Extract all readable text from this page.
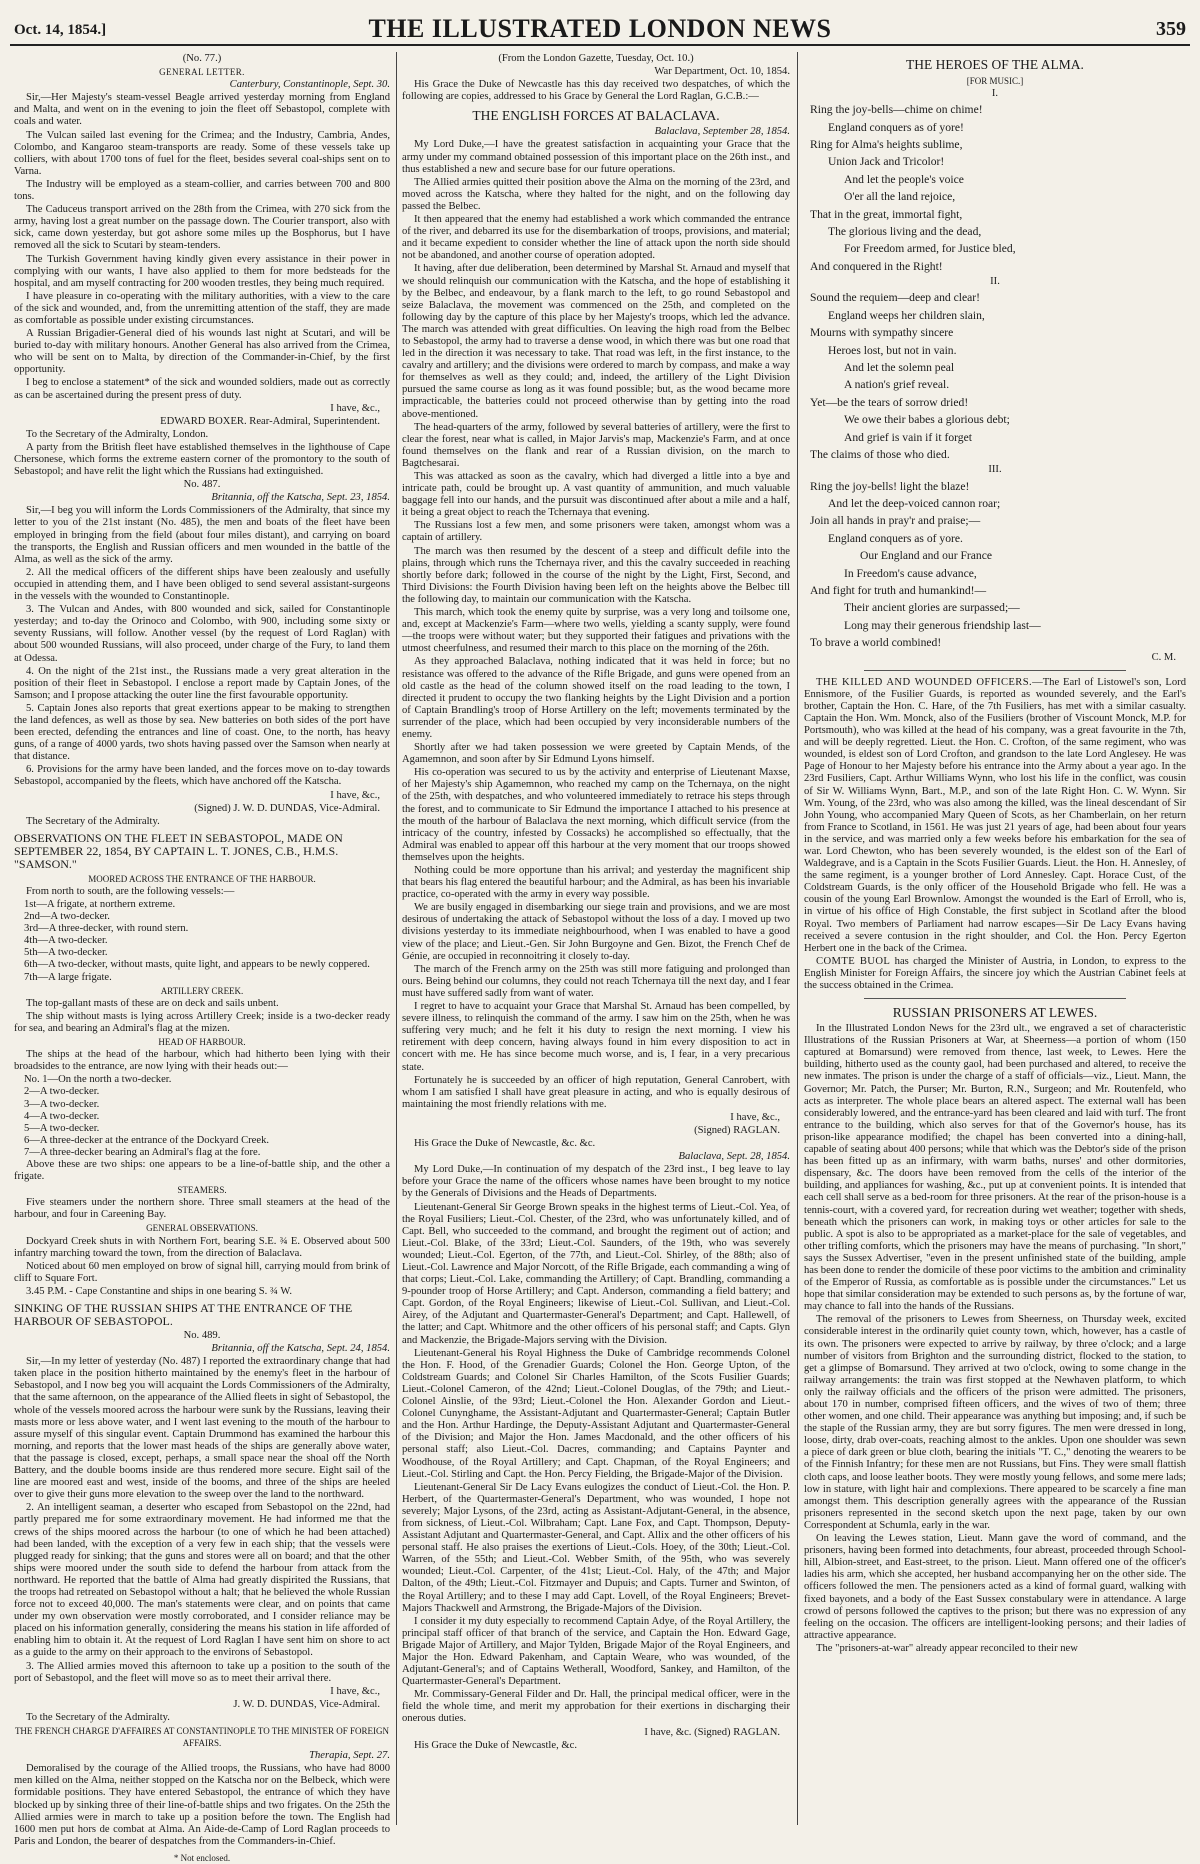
Oct. 14, 1854.]	THE ILLUSTRATED LONDON NEWS	359

(No. 77.)

GENERAL LETTER.

Canterbury, Constantinople, Sept. 30.

Sir,—Her Majesty's steam-vessel Beagle arrived yesterday morning from England and Malta, and went on in the evening to join the fleet off Sebastopol, complete with coals and water.

The Vulcan sailed last evening for the Crimea; and the Industry, Cambria, Andes, Colombo, and Kangaroo steam-transports are ready. Some of these vessels take up colliers, with about 1700 tons of fuel for the fleet, besides several coal-ships sent on to Varna.

The Industry will be employed as a steam-collier, and carries between 700 and 800 tons.

The Caduceus transport arrived on the 28th from the Crimea, with 270 sick from the army, having lost a great number on the passage down. The Courier transport, also with sick, came down yesterday, but got ashore some miles up the Bosphorus, but I have removed all the sick to Scutari by steam-tenders.

The Turkish Government having kindly given every assistance in their power in complying with our wants, I have also applied to them for more bedsteads for the hospital, and am myself contracting for 200 wooden trestles, they being much required.

I have pleasure in co-operating with the military authorities, with a view to the care of the sick and wounded, and, from the unremitting attention of the staff, they are made as comfortable as possible under existing circumstances.

A Russian Brigadier-General died of his wounds last night at Scutari, and will be buried to-day with military honours. Another General has also arrived from the Crimea, who will be sent on to Malta, by direction of the Commander-in-Chief, by the first opportunity.

I beg to enclose a statement* of the sick and wounded soldiers, made out as correctly as can be ascertained during the present press of duty.

I have, &c.,

EDWARD BOXER. Rear-Admiral, Superintendent.

To the Secretary of the Admiralty, London.

A party from the British fleet have established themselves in the lighthouse of Cape Chersonese, which forms the extreme eastern corner of the promontory to the south of Sebastopol; and have relit the light which the Russians had extinguished.

No. 487.

Britannia, off the Katscha, Sept. 23, 1854.

Sir,—I beg you will inform the Lords Commissioners of the Admiralty, that since my letter to you of the 21st instant (No. 485), the men and boats of the fleet have been employed in bringing from the field (about four miles distant), and carrying on board the transports, the English and Russian officers and men wounded in the battle of the Alma, as well as the sick of the army.

2. All the medical officers of the different ships have been zealously and usefully occupied in attending them, and I have been obliged to send several assistant-surgeons in the vessels with the wounded to Constantinople.

3. The Vulcan and Andes, with 800 wounded and sick, sailed for Constantinople yesterday; and to-day the Orinoco and Colombo, with 900, including some sixty or seventy Russians, will follow. Another vessel (by the request of Lord Raglan) with about 500 wounded Russians, will also proceed, under charge of the Fury, to land them at Odessa.

4. On the night of the 21st inst., the Russians made a very great alteration in the position of their fleet in Sebastopol. I enclose a report made by Captain Jones, of the Samson; and I propose attacking the outer line the first favourable opportunity.

5. Captain Jones also reports that great exertions appear to be making to strengthen the land defences, as well as those by sea. New batteries on both sides of the port have been erected, defending the entrances and line of coast. One, to the north, has heavy guns, of a range of 4000 yards, two shots having passed over the Samson when nearly at that distance.

6. Provisions for the army have been landed, and the forces move on to-day towards Sebastopol, accompanied by the fleets, which have anchored off the Katscha.

I have, &c.,

(Signed) J. W. D. DUNDAS, Vice-Admiral.

The Secretary of the Admiralty.

OBSERVATIONS ON THE FLEET IN SEBASTOPOL, MADE ON SEPTEMBER 22, 1854, BY CAPTAIN L. T. JONES, C.B., H.M.S. "SAMSON."

MOORED ACROSS THE ENTRANCE OF THE HARBOUR.

From north to south, are the following vessels:—

1st—A frigate, at northern extreme.
2nd—A two-decker.
3rd—A three-decker, with round stern.
4th—A two-decker.
5th—A two-decker.
6th—A two-decker, without masts, quite light, and appears to be newly coppered.
7th—A large frigate.

ARTILLERY CREEK.

The top-gallant masts of these are on deck and sails unbent.

The ship without masts is lying across Artillery Creek; inside is a two-decker ready for sea, and bearing an Admiral's flag at the mizen.

HEAD OF HARBOUR.

The ships at the head of the harbour, which had hitherto been lying with their broadsides to the entrance, are now lying with their heads out:—

No. 1—On the north a two-decker.
2—A two-decker.
3—A two-decker.
4—A two-decker.
5—A two-decker.
6—A three-decker at the entrance of the Dockyard Creek.
7—A three-decker bearing an Admiral's flag at the fore.

Above these are two ships: one appears to be a line-of-battle ship, and the other a frigate.

STEAMERS.

Five steamers under the northern shore. Three small steamers at the head of the harbour, and four in Careening Bay.

GENERAL OBSERVATIONS.

Dockyard Creek shuts in with Northern Fort, bearing S.E. ¾ E. Observed about 500 infantry marching toward the town, from the direction of Balaclava.

Noticed about 60 men employed on brow of signal hill, carrying mould from brink of cliff to Square Fort.

3.45 P.M. - Cape Constantine and ships in one bearing S. ¾ W.

SINKING OF THE RUSSIAN SHIPS AT THE ENTRANCE OF THE HARBOUR OF SEBASTOPOL.

No. 489.

Britannia, off the Katscha, Sept. 24, 1854.

Sir,—In my letter of yesterday (No. 487) I reported the extraordinary change that had taken place in the position hitherto maintained by the enemy's fleet in the harbour of Sebastopol, and I now beg you will acquaint the Lords Commissioners of the Admiralty, that the same afternoon, on the appearance of the Allied fleets in sight of Sebastopol, the whole of the vessels moored across the harbour were sunk by the Russians, leaving their masts more or less above water, and I went last evening to the mouth of the harbour to assure myself of this singular event. Captain Drummond has examined the harbour this morning, and reports that the lower mast heads of the ships are generally above water, that the passage is closed, except, perhaps, a small space near the shoal off the North Battery, and the double booms inside are thus rendered more secure. Eight sail of the line are moored east and west, inside of the booms, and three of the ships are heeled over to give their guns more elevation to the sweep over the land to the northward.

2. An intelligent seaman, a deserter who escaped from Sebastopol on the 22nd, had partly prepared me for some extraordinary movement. He had informed me that the crews of the ships moored across the harbour (to one of which he had been attached) had been landed, with the exception of a very few in each ship; that the vessels were plugged ready for sinking; that the guns and stores were all on board; and that the other ships were moored under the south side to defend the harbour from attack from the northward. He reported that the battle of Alma had greatly dispirited the Russians, that the troops had retreated on Sebastopol without a halt; that he believed the whole Russian force not to exceed 40,000. The man's statements were clear, and on points that came under my own observation were mostly corroborated, and I consider reliance may be placed on his information generally, considering the means his station in life afforded of enabling him to obtain it. At the request of Lord Raglan I have sent him on shore to act as a guide to the army on their approach to the environs of Sebastopol.

3. The Allied armies moved this afternoon to take up a position to the south of the port of Sebastopol, and the fleet will move so as to meet their arrival there.

I have, &c.,

J. W. D. DUNDAS, Vice-Admiral.

To the Secretary of the Admiralty.

THE FRENCH CHARGE D'AFFAIRES AT CONSTANTINOPLE TO THE MINISTER OF FOREIGN AFFAIRS.

Therapia, Sept. 27.

Demoralised by the courage of the Allied troops, the Russians, who have had 8000 men killed on the Alma, neither stopped on the Katscha nor on the Belbeck, which were formidable positions. They have entered Sebastopol, the entrance of which they have blocked up by sinking three of their line-of-battle ships and two frigates. On the 25th the Allied armies were in march to take up a position before the town. The English had 1600 men put hors de combat at Alma. An Aide-de-Camp of Lord Raglan proceeds to Paris and London, the bearer of despatches from the Commanders-in-Chief.

* Not enclosed.

(From the London Gazette, Tuesday, Oct. 10.)

War Department, Oct. 10, 1854.

His Grace the Duke of Newcastle has this day received two despatches, of which the following are copies, addressed to his Grace by General the Lord Raglan, G.C.B.:—

THE ENGLISH FORCES AT BALACLAVA.

Balaclava, September 28, 1854.

My Lord Duke,—I have the greatest satisfaction in acquainting your Grace that the army under my command obtained possession of this important place on the 26th inst., and thus established a new and secure base for our future operations.

The Allied armies quitted their position above the Alma on the morning of the 23rd, and moved across the Katscha, where they halted for the night, and on the following day passed the Belbec.

It then appeared that the enemy had established a work which commanded the entrance of the river, and debarred its use for the disembarkation of troops, provisions, and material; and it became expedient to consider whether the line of attack upon the north side should not be abandoned, and another course of operation adopted.

It having, after due deliberation, been determined by Marshal St. Arnaud and myself that we should relinquish our communication with the Katscha, and the hope of establishing it by the Belbec, and endeavour, by a flank march to the left, to go round Sebastopol and seize Balaclava, the movement was commenced on the 25th, and completed on the following day by the capture of this place by her Majesty's troops, which led the advance. The march was attended with great difficulties. On leaving the high road from the Belbec to Sebastopol, the army had to traverse a dense wood, in which there was but one road that led in the direction it was necessary to take. That road was left, in the first instance, to the cavalry and artillery; and the divisions were ordered to march by compass, and make a way for themselves as well as they could; and, indeed, the artillery of the Light Division pursued the same course as long as it was found possible; but, as the wood became more impracticable, the batteries could not proceed otherwise than by getting into the road above-mentioned.

The head-quarters of the army, followed by several batteries of artillery, were the first to clear the forest, near what is called, in Major Jarvis's map, Mackenzie's Farm, and at once found themselves on the flank and rear of a Russian division, on the march to Bagtchesarai.

This was attacked as soon as the cavalry, which had diverged a little into a bye and intricate path, could be brought up. A vast quantity of ammunition, and much valuable baggage fell into our hands, and the pursuit was discontinued after about a mile and a half, it being a great object to reach the Tchernaya that evening.

The Russians lost a few men, and some prisoners were taken, amongst whom was a captain of artillery.

The march was then resumed by the descent of a steep and difficult defile into the plains, through which runs the Tchernaya river, and this the cavalry succeeded in reaching shortly before dark; followed in the course of the night by the Light, First, Second, and Third Divisions: the Fourth Division having been left on the heights above the Belbec till the following day, to maintain our communication with the Katscha.

This march, which took the enemy quite by surprise, was a very long and toilsome one, and, except at Mackenzie's Farm—where two wells, yielding a scanty supply, were found—the troops were without water; but they supported their fatigues and privations with the utmost cheerfulness, and resumed their march to this place on the morning of the 26th.

As they approached Balaclava, nothing indicated that it was held in force; but no resistance was offered to the advance of the Rifle Brigade, and guns were opened from an old castle as the head of the column showed itself on the road leading to the town, I directed it prudent to occupy the two flanking heights by the Light Division and a portion of Captain Brandling's troop of Horse Artillery on the left; movements terminated by the surrender of the place, which had been occupied by very inconsiderable numbers of the enemy.

Shortly after we had taken possession we were greeted by Captain Mends, of the Agamemnon, and soon after by Sir Edmund Lyons himself.

His co-operation was secured to us by the activity and enterprise of Lieutenant Maxse, of her Majesty's ship Agamemnon, who reached my camp on the Tchernaya, on the night of the 25th, with despatches, and who volunteered immediately to retrace his steps through the forest, and to communicate to Sir Edmund the importance I attached to his presence at the mouth of the harbour of Balaclava the next morning, which difficult service (from the intricacy of the country, infested by Cossacks) he accomplished so effectually, that the Admiral was enabled to appear off this harbour at the very moment that our troops showed themselves upon the heights.

Nothing could be more opportune than his arrival; and yesterday the magnificent ship that bears his flag entered the beautiful harbour; and the Admiral, as has been his invariable practice, co-operated with the army in every way possible.

We are busily engaged in disembarking our siege train and provisions, and we are most desirous of undertaking the attack of Sebastopol without the loss of a day. I moved up two divisions yesterday to its immediate neighbourhood, when I was enabled to have a good view of the place; and Lieut.-Gen. Sir John Burgoyne and Gen. Bizot, the French Chef de Génie, are occupied in reconnoitring it closely to-day.

The march of the French army on the 25th was still more fatiguing and prolonged than ours. Being behind our columns, they could not reach Tchernaya till the next day, and I fear must have suffered sadly from want of water.

I regret to have to acquaint your Grace that Marshal St. Arnaud has been compelled, by severe illness, to relinquish the command of the army. I saw him on the 25th, when he was suffering very much; and he felt it his duty to resign the next morning. I view his retirement with deep concern, having always found in him every disposition to act in concert with me. He has since become much worse, and is, I fear, in a very precarious state.

Fortunately he is succeeded by an officer of high reputation, General Canrobert, with whom I am satisfied I shall have great pleasure in acting, and who is equally desirous of maintaining the most friendly relations with me.

I have, &c.,

(Signed) RAGLAN.

His Grace the Duke of Newcastle, &c. &c.

Balaclava, Sept. 28, 1854.

My Lord Duke,—In continuation of my despatch of the 23rd inst., I beg leave to lay before your Grace the name of the officers whose names have been brought to my notice by the Generals of Divisions and the Heads of Departments.

Lieutenant-General Sir George Brown speaks in the highest terms of Lieut.-Col. Yea, of the Royal Fusiliers; Lieut.-Col. Chester, of the 23rd, who was unfortunately killed, and of Capt. Bell, who succeeded to the command, and brought the regiment out of action; and Lieut.-Col. Blake, of the 33rd; Lieut.-Col. Saunders, of the 19th, who was severely wounded; Lieut.-Col. Egerton, of the 77th, and Lieut.-Col. Shirley, of the 88th; also of Lieut.-Col. Lawrence and Major Norcott, of the Rifle Brigade, each commanding a wing of that corps; Lieut.-Col. Lake, commanding the Artillery; of Capt. Brandling, commanding a 9-pounder troop of Horse Artillery; and Capt. Anderson, commanding a field battery; and Capt. Gordon, of the Royal Engineers; likewise of Lieut.-Col. Sullivan, and Lieut.-Col. Airey, of the Adjutant and Quartermaster-General's Department; and Capt. Hallewell, of the latter; and Capt. Whitmore and the other officers of his personal staff; and Capts. Glyn and Mackenzie, the Brigade-Majors serving with the Division.

Lieutenant-General his Royal Highness the Duke of Cambridge recommends Colonel the Hon. F. Hood, of the Grenadier Guards; Colonel the Hon. George Upton, of the Coldstream Guards; and Colonel Sir Charles Hamilton, of the Scots Fusilier Guards; Lieut.-Colonel Cameron, of the 42nd; Lieut.-Colonel Douglas, of the 79th; and Lieut.-Colonel Ainslie, of the 93rd; Lieut.-Colonel the Hon. Alexander Gordon and Lieut.-Colonel Cunynghame, the Assistant-Adjutant and Quartermaster-General; Captain Butler and the Hon. Arthur Hardinge, the Deputy-Assistant Adjutant and Quartermaster-General of the Division; and Major the Hon. James Macdonald, and the other officers of his personal staff; also Lieut.-Col. Dacres, commanding; and Captains Paynter and Woodhouse, of the Royal Artillery; and Capt. Chapman, of the Royal Engineers; and Lieut.-Col. Stirling and Capt. the Hon. Percy Fielding, the Brigade-Major of the Division.

Lieutenant-General Sir De Lacy Evans eulogizes the conduct of Lieut.-Col. the Hon. P. Herbert, of the Quartermaster-General's Department, who was wounded, I hope not severely; Major Lysons, of the 23rd, acting as Assistant-Adjutant-General, in the absence, from sickness, of Lieut.-Col. Wilbraham; Capt. Lane Fox, and Capt. Thompson, Deputy-Assistant Adjutant and Quartermaster-General, and Capt. Allix and the other officers of his personal staff. He also praises the exertions of Lieut.-Cols. Hoey, of the 30th; Lieut.-Col. Warren, of the 55th; and Lieut.-Col. Webber Smith, of the 95th, who was severely wounded; Lieut.-Col. Carpenter, of the 41st; Lieut.-Col. Haly, of the 47th; and Major Dalton, of the 49th; Lieut.-Col. Fitzmayer and Dupuis; and Capts. Turner and Swinton, of the Royal Artillery; and to these I may add Capt. Lovell, of the Royal Engineers; Brevet-Majors Thackwell and Armstrong, the Brigade-Majors of the Division.

I consider it my duty especially to recommend Captain Adye, of the Royal Artillery, the principal staff officer of that branch of the service, and Captain the Hon. Edward Gage, Brigade Major of Artillery, and Major Tylden, Brigade Major of the Royal Engineers, and Major the Hon. Edward Pakenham, and Captain Weare, who was wounded, of the Adjutant-General's; and of Captains Wetherall, Woodford, Sankey, and Hamilton, of the Quartermaster-General's Department.

Mr. Commissary-General Filder and Dr. Hall, the principal medical officer, were in the field the whole time, and merit my approbation for their exertions in discharging their onerous duties.

I have, &c. (Signed) RAGLAN.

His Grace the Duke of Newcastle, &c.

THE HEROES OF THE ALMA.

[FOR MUSIC.]

I.

Ring the joy-bells—chime on chime!
England conquers as of yore!
Ring for Alma's heights sublime,
Union Jack and Tricolor!
And let the people's voice
O'er all the land rejoice,
That in the great, immortal fight,
The glorious living and the dead,
For Freedom armed, for Justice bled,
And conquered in the Right!

II.

Sound the requiem—deep and clear!
England weeps her children slain,
Mourns with sympathy sincere
Heroes lost, but not in vain.
And let the solemn peal
A nation's grief reveal.
Yet—be the tears of sorrow dried!
We owe their babes a glorious debt;
And grief is vain if it forget
The claims of those who died.

III.

Ring the joy-bells! light the blaze!
And let the deep-voiced cannon roar;
Join all hands in pray'r and praise;—
England conquers as of yore.
Our England and our France
In Freedom's cause advance,
And fight for truth and humankind!—
Their ancient glories are surpassed;—
Long may their generous friendship last—
To brave a world combined!

C. M.

THE KILLED AND WOUNDED OFFICERS.—The Earl of Listowel's son, Lord Ennismore, of the Fusilier Guards, is reported as wounded severely, and the Earl's brother, Captain the Hon. C. Hare, of the 7th Fusiliers, has met with a similar casualty. Captain the Hon. Wm. Monck, also of the Fusiliers (brother of Viscount Monck, M.P. for Portsmouth), who was killed at the head of his company, was a great favourite in the 7th, and will be deeply regretted. Lieut. the Hon. C. Crofton, of the same regiment, who was wounded, is eldest son of Lord Crofton, and grandson to the late Lord Anglesey. He was Page of Honour to her Majesty before his entrance into the Army about a year ago. In the 23rd Fusiliers, Capt. Arthur Williams Wynn, who lost his life in the conflict, was cousin of Sir W. Williams Wynn, Bart., M.P., and son of the late Right Hon. C. W. Wynn. Sir Wm. Young, of the 23rd, who was also among the killed, was the lineal descendant of Sir John Young, who accompanied Mary Queen of Scots, as her Chamberlain, on her return from France to Scotland, in 1561. He was just 21 years of age, had been about four years in the service, and was married only a few weeks before his embarkation for the sea of war. Lord Chewton, who has been severely wounded, is the eldest son of the Earl of Waldegrave, and is a Captain in the Scots Fusilier Guards. Lieut. the Hon. H. Annesley, of the same regiment, is a younger brother of Lord Annesley. Capt. Horace Cust, of the Coldstream Guards, is the only officer of the Household Brigade who fell. He was a cousin of the young Earl Brownlow. Amongst the wounded is the Earl of Erroll, who is, in virtue of his office of High Constable, the first subject in Scotland after the blood Royal. Two members of Parliament had narrow escapes—Sir De Lacy Evans having received a severe contusion in the right shoulder, and Col. the Hon. Percy Egerton Herbert one in the back of the Crimea.

COMTE BUOL has charged the Minister of Austria, in London, to express to the English Minister for Foreign Affairs, the sincere joy which the Austrian Cabinet feels at the success obtained in the Crimea.

RUSSIAN PRISONERS AT LEWES.

In the Illustrated London News for the 23rd ult., we engraved a set of characteristic Illustrations of the Russian Prisoners at War, at Sheerness—a portion of whom (150 captured at Bomarsund) were removed from thence, last week, to Lewes. Here the building, hitherto used as the county gaol, had been purchased and altered, to receive the new inmates. The prison is under the charge of a staff of officials—viz., Lieut. Mann, the Governor; Mr. Patch, the Purser; Mr. Burton, R.N., Surgeon; and Mr. Routenfeld, who acts as interpreter. The whole place bears an altered aspect. The external wall has been considerably lowered, and the entrance-yard has been cleared and laid with turf. The front entrance to the building, which also serves for that of the Governor's house, has its prison-like appearance modified; the chapel has been converted into a dining-hall, capable of seating about 400 persons; while that which was the Debtor's side of the prison has been fitted up as an infirmary, with warm baths, nurses' and other dormitories, dispensary, &c. The doors have been removed from the cells of the interior of the building, and appliances for washing, &c., put up at convenient points. It is intended that each cell shall serve as a bed-room for three prisoners. At the rear of the prison-house is a tennis-court, with a covered yard, for recreation during wet weather; together with sheds, beneath which the prisoners can work, in making toys or other articles for sale to the public. A spot is also to be appropriated as a market-place for the sale of vegetables, and other trifling comforts, which the prisoners may have the means of purchasing. "In short," says the Sussex Advertiser, "even in the present unfinished state of the building, ample has been done to render the domicile of these poor victims to the ambition and criminality of the Emperor of Russia, as comfortable as is possible under the circumstances." Let us hope that similar consideration may be extended to such persons as, by the fortune of war, may chance to fall into the hands of the Russians.

The removal of the prisoners to Lewes from Sheerness, on Thursday week, excited considerable interest in the ordinarily quiet county town, which, however, has a castle of its own. The prisoners were expected to arrive by railway, by three o'clock; and a large number of visitors from Brighton and the surrounding district, flocked to the station, to get a glimpse of Bomarsund. They arrived at two o'clock, owing to some change in the railway arrangements: the train was first stopped at the Newhaven platform, to which only the railway officials and the officers of the prison were admitted. The prisoners, about 170 in number, comprised fifteen officers, and the wives of two of them; three other women, and one child. Their appearance was anything but imposing; and, if such be the staple of the Russian army, they are but sorry figures. The men were dressed in long, loose, dirty, drab over-coats, reaching almost to the ankles. Upon one shoulder was sewn a piece of dark green or blue cloth, bearing the initials "T. C.," denoting the wearers to be of the Finnish Infantry; for these men are not Russians, but Fins. They were small flattish cloth caps, and loose leather boots. They were mostly young fellows, and some mere lads; low in stature, with light hair and complexions. There appeared to be scarcely a fine man amongst them. This description generally agrees with the appearance of the Russian prisoners represented in the second sketch upon the next page, taken by our own Correspondent at Schumla, early in the war.

On leaving the Lewes station, Lieut. Mann gave the word of command, and the prisoners, having been formed into detachments, four abreast, proceeded through School-hill, Albion-street, and East-street, to the prison. Lieut. Mann offered one of the officer's ladies his arm, which she accepted, her husband accompanying her on the other side. The officers followed the men. The pensioners acted as a kind of formal guard, walking with fixed bayonets, and a body of the East Sussex constabulary were in attendance. A large crowd of persons followed the captives to the prison; but there was no expression of any feeling on the occasion. The officers are intelligent-looking persons; and their ladies of attractive appearance.

The "prisoners-at-war" already appear reconciled to their new
